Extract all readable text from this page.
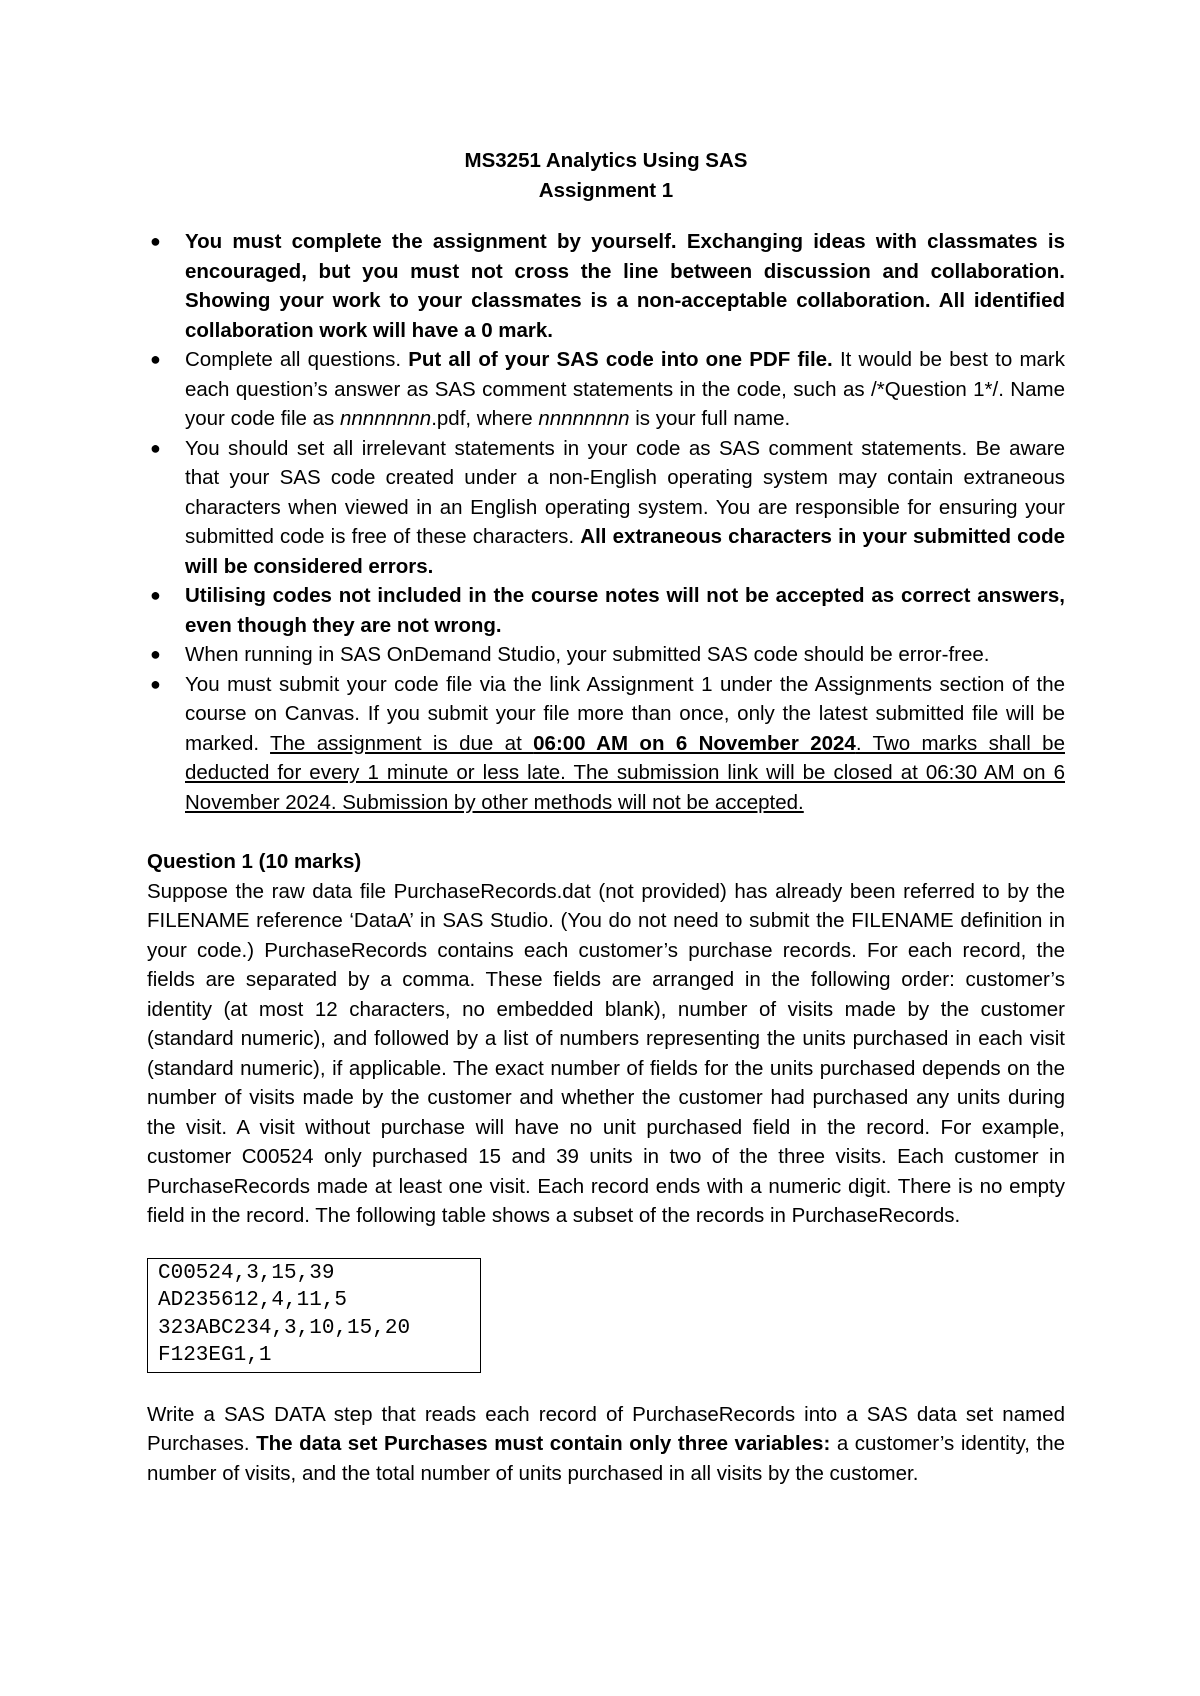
MS3251 Analytics Using SAS
Assignment 1
● You must complete the assignment by yourself. Exchanging ideas with classmates is encouraged, but you must not cross the line between discussion and collaboration. Showing your work to your classmates is a non-acceptable collaboration. All identified collaboration work will have a 0 mark.
● Complete all questions. Put all of your SAS code into one PDF file. It would be best to mark each question’s answer as SAS comment statements in the code, such as /*Question 1*/. Name your code file as nnnnnnnn.pdf, where nnnnnnnn is your full name.
● You should set all irrelevant statements in your code as SAS comment statements. Be aware that your SAS code created under a non-English operating system may contain extraneous characters when viewed in an English operating system. You are responsible for ensuring your submitted code is free of these characters. All extraneous characters in your submitted code will be considered errors.
● Utilising codes not included in the course notes will not be accepted as correct answers, even though they are not wrong.
● When running in SAS OnDemand Studio, your submitted SAS code should be error-free.
● You must submit your code file via the link Assignment 1 under the Assignments section of the course on Canvas. If you submit your file more than once, only the latest submitted file will be marked. The assignment is due at 06:00 AM on 6 November 2024. Two marks shall be deducted for every 1 minute or less late. The submission link will be closed at 06:30 AM on 6 November 2024. Submission by other methods will not be accepted.
Question 1 (10 marks)
Suppose the raw data file PurchaseRecords.dat (not provided) has already been referred to by the FILENAME reference ‘DataA’ in SAS Studio. (You do not need to submit the FILENAME definition in your code.) PurchaseRecords contains each customer’s purchase records. For each record, the fields are separated by a comma. These fields are arranged in the following order: customer’s identity (at most 12 characters, no embedded blank), number of visits made by the customer (standard numeric), and followed by a list of numbers representing the units purchased in each visit (standard numeric), if applicable. The exact number of fields for the units purchased depends on the number of visits made by the customer and whether the customer had purchased any units during the visit. A visit without purchase will have no unit purchased field in the record. For example, customer C00524 only purchased 15 and 39 units in two of the three visits. Each customer in PurchaseRecords made at least one visit. Each record ends with a numeric digit. There is no empty field in the record. The following table shows a subset of the records in PurchaseRecords.
C00524,3,15,39
AD235612,4,11,5
323ABC234,3,10,15,20
F123EG1,1
Write a SAS DATA step that reads each record of PurchaseRecords into a SAS data set named Purchases. The data set Purchases must contain only three variables: a customer’s identity, the number of visits, and the total number of units purchased in all visits by the customer.
